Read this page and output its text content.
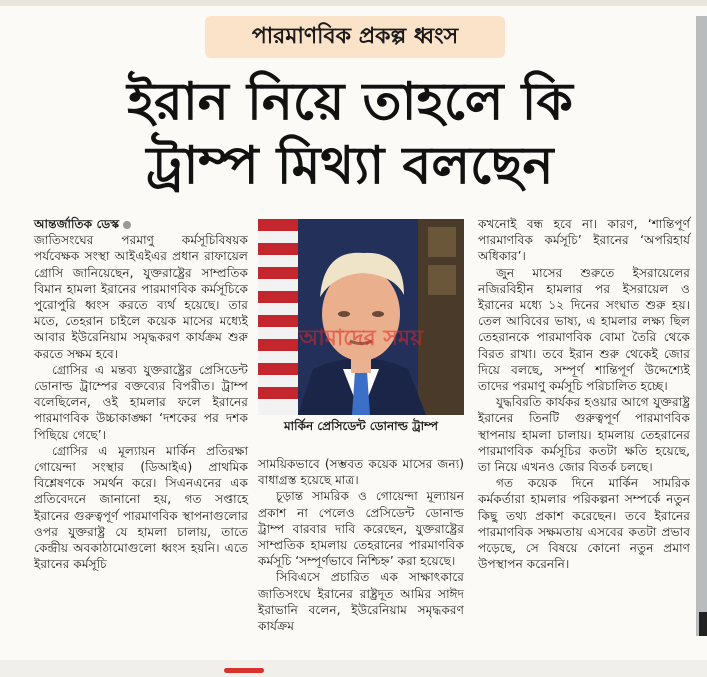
পারমাণবিক প্রকল্প ধ্বংস
ইরান নিয়ে তাহলে কি
ট্রাম্প মিথ্যা বলছেন

আন্তর্জাতিক ডেস্ক

জাতিসংঘের পরমাণু কর্মসূচিবিষয়ক পর্যবেক্ষক সংস্থা আইএইএর প্রধান রাফায়েল গ্রোসি জানিয়েছেন, যুক্তরাষ্ট্রের সাম্প্রতিক বিমান হামলা ইরানের পারমাণবিক কর্মসূচিকে পুরোপুরি ধ্বংস করতে ব্যর্থ হয়েছে। তার মতে, তেহরান চাইলে কয়েক মাসের মধ্যেই আবার ইউরেনিয়াম সমৃদ্ধকরণ কার্যক্রম শুরু করতে সক্ষম হবে।

গ্রোসির এ মন্তব্য যুক্তরাষ্ট্রের প্রেসিডেন্ট ডোনাল্ড ট্রাম্পের বক্তব্যের বিপরীত। ট্রাম্প বলেছিলেন, ওই হামলার ফলে ইরানের পারমাণবিক উচ্চাকাঙ্ক্ষা ‘দশকের পর দশক পিছিয়ে গেছে’।

গ্রোসির এ মূল্যায়ন মার্কিন প্রতিরক্ষা গোয়েন্দা সংস্থার (ডিআইএ) প্রাথমিক বিশ্লেষণকে সমর্থন করে। সিএনএনের এক প্রতিবেদনে জানানো হয়, গত সপ্তাহে ইরানের গুরুত্বপূর্ণ পারমাণবিক স্থাপনাগুলোর ওপর যুক্তরাষ্ট্র যে হামলা চালায়, তাতে কেন্দ্রীয় অবকাঠামোগুলো ধ্বংস হয়নি। এতে ইরানের কর্মসূচি

আমাদের সময়
মার্কিন প্রেসিডেন্ট ডোনাল্ড ট্রাম্প

সাময়িকভাবে (সম্ভবত কয়েক মাসের জন্য) বাধাগ্রস্ত হয়েছে মাত্র।

চূড়ান্ত সামরিক ও গোয়েন্দা মূল্যায়ন প্রকাশ না পেলেও প্রেসিডেন্ট ডোনাল্ড ট্রাম্প বারবার দাবি করেছেন, যুক্তরাষ্ট্রের সাম্প্রতিক হামলায় তেহরানের পারমাণবিক কর্মসূচি ‘সম্পূর্ণভাবে নিশ্চিহ্ন’ করা হয়েছে।

সিবিএসে প্রচারিত এক সাক্ষাৎকারে জাতিসংঘে ইরানের রাষ্ট্রদূত আমির সাঈদ ইরাভানি বলেন, ইউরেনিয়াম সমৃদ্ধকরণ কার্যক্রম

কখনোই বন্ধ হবে না। কারণ, ‘শান্তিপূর্ণ পারমাণবিক কর্মসূচি’ ইরানের ‘অপরিহার্য অধিকার’।

জুন মাসের শুরুতে ইসরায়েলের নজিরবিহীন হামলার পর ইসরায়েল ও ইরানের মধ্যে ১২ দিনের সংঘাত শুরু হয়। তেল আবিবের ভাষ্য, এ হামলার লক্ষ্য ছিল তেহরানকে পারমাণবিক বোমা তৈরি থেকে বিরত রাখা। তবে ইরান শুরু থেকেই জোর দিয়ে বলছে, সম্পূর্ণ শান্তিপূর্ণ উদ্দেশ্যেই তাদের পরমাণু কর্মসূচি পরিচালিত হচ্ছে।

যুদ্ধবিরতি কার্যকর হওয়ার আগে যুক্তরাষ্ট্র ইরানের তিনটি গুরুত্বপূর্ণ পারমাণবিক স্থাপনায় হামলা চালায়। হামলায় তেহরানের পারমাণবিক কর্মসূচির কতটা ক্ষতি হয়েছে, তা নিয়ে এখনও জোর বিতর্ক চলছে।

গত কয়েক দিনে মার্কিন সামরিক কর্মকর্তারা হামলার পরিকল্পনা সম্পর্কে নতুন কিছু তথ্য প্রকাশ করেছেন। তবে ইরানের পারমাণবিক সক্ষমতায় এসবের কতটা প্রভাব পড়েছে, সে বিষয়ে কোনো নতুন প্রমাণ উপস্থাপন করেননি।
